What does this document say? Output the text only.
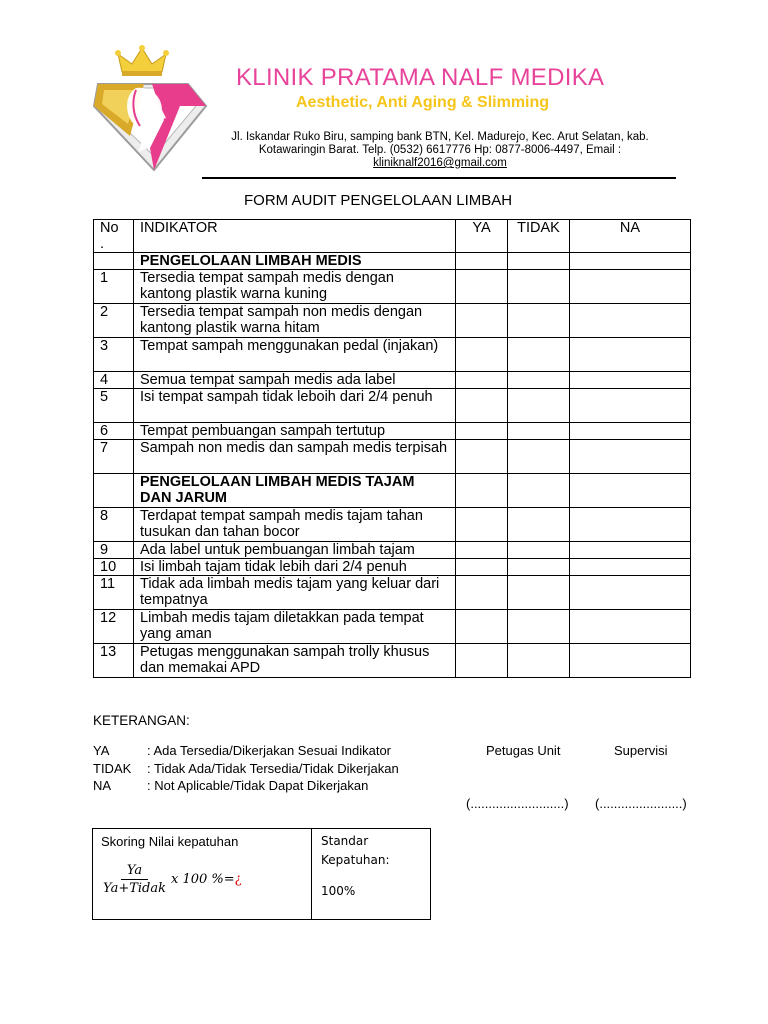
KLINIK PRATAMA NALF MEDIKA
Aesthetic, Anti Aging & Slimming
Jl. Iskandar Ruko Biru, samping bank BTN, Kel. Madurejo, Kec. Arut Selatan, kab.
Kotawaringin Barat. Telp. (0532) 6617776 Hp: 0877-8006-4497, Email :
kliniknalf2016@gmail.com
FORM AUDIT PENGELOLAAN LIMBAH
No
.	INDIKATOR	YA	TIDAK	NA
	PENGELOLAAN LIMBAH MEDIS			
1	Tersedia tempat sampah medis dengan kantong plastik warna kuning			
2	Tersedia tempat sampah non medis dengan kantong plastik warna hitam			
3	Tempat sampah menggunakan pedal (injakan)			
4	Semua tempat sampah medis ada label			
5	Isi tempat sampah tidak leboih dari 2/4 penuh			
6	Tempat pembuangan sampah tertutup			
7	Sampah non medis dan sampah medis terpisah			
	PENGELOLAAN LIMBAH MEDIS TAJAM DAN JARUM			
8	Terdapat tempat sampah medis tajam tahan tusukan dan tahan bocor			
9	Ada label untuk pembuangan limbah tajam			
10	Isi limbah tajam tidak lebih dari 2/4 penuh			
11	Tidak ada limbah medis tajam yang keluar dari tempatnya			
12	Limbah medis tajam diletakkan pada tempat yang aman			
13	Petugas menggunakan sampah trolly khusus dan memakai APD			
KETERANGAN:
YA	: Ada Tersedia/Dikerjakan Sesuai Indikator
TIDAK : Tidak Ada/Tidak Tersedia/Tidak Dikerjakan
NA	: Not Aplicable/Tidak Dapat Dikerjakan
Petugas Unit	Supervisi
(..........................) (.......................)
Skoring Nilai kepatuhan
$\frac{Ya}{\text{Ya+Tidak}}$ x 100 %= ¿
Standar
Kepatuhan:
100%
